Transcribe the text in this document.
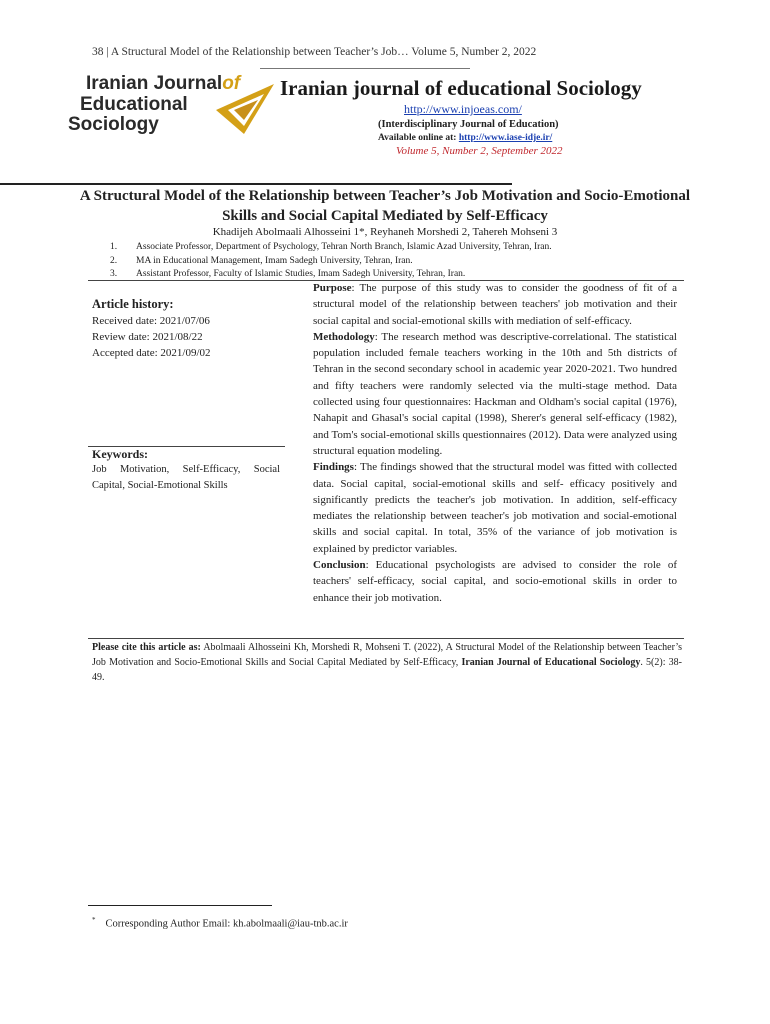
38 | A Structural Model of the Relationship between Teacher’s Job… Volume 5, Number 2, 2022
Iranian Journalof
Educational
Sociology
Iranian journal of educational Sociology
http://www.injoeas.com/
(Interdisciplinary Journal of Education)
Available online at: http://www.iase-idje.ir/
Volume 5, Number 2, September 2022
A Structural Model of the Relationship between Teacher’s Job Motivation and Socio-Emotional Skills and Social Capital Mediated by Self-Efficacy
Khadijeh Abolmaali Alhosseini 1*, Reyhaneh Morshedi 2, Tahereh Mohseni 3
1. Associate Professor, Department of Psychology, Tehran North Branch, Islamic Azad University, Tehran, Iran.
2. MA in Educational Management, Imam Sadegh University, Tehran, Iran.
3. Assistant Professor, Faculty of Islamic Studies, Imam Sadegh University, Tehran, Iran.
Article history:
Received date: 2021/07/06
Review date: 2021/08/22
Accepted date: 2021/09/02
Keywords:
Job Motivation, Self-Efficacy, Social Capital, Social-Emotional Skills

Purpose: The purpose of this study was to consider the goodness of fit of a structural model of the relationship between teachers' job motivation and their social capital and social-emotional skills with mediation of self-efficacy.

Methodology: The research method was descriptive-correlational. The statistical population included female teachers working in the 10th and 5th districts of Tehran in the second secondary school in academic year 2020-2021. Two hundred and fifty teachers were randomly selected via the multi-stage method. Data collected using four questionnaires: Hackman and Oldham's social capital (1976), Nahapit and Ghasal's social capital (1998), Sherer's general self-efficacy (1982), and Tom's social-emotional skills questionnaires (2012). Data were analyzed using structural equation modeling.

Findings: The findings showed that the structural model was fitted with collected data. Social capital, social-emotional skills and self- efficacy positively and significantly predicts the teacher's job motivation. In addition, self-efficacy mediates the relationship between teacher's job motivation and social-emotional skills and social capital. In total, 35% of the variance of job motivation is explained by predictor variables.

Conclusion: Educational psychologists are advised to consider the role of teachers' self-efficacy, social capital, and socio-emotional skills in order to enhance their job motivation.

Please cite this article as: Abolmaali Alhosseini Kh, Morshedi R, Mohseni T. (2022), A Structural Model of the Relationship between Teacher’s Job Motivation and Socio-Emotional Skills and Social Capital Mediated by Self-Efficacy, Iranian Journal of Educational Sociology. 5(2): 38-49.
* Corresponding Author Email: kh.abolmaali@iau-tnb.ac.ir
